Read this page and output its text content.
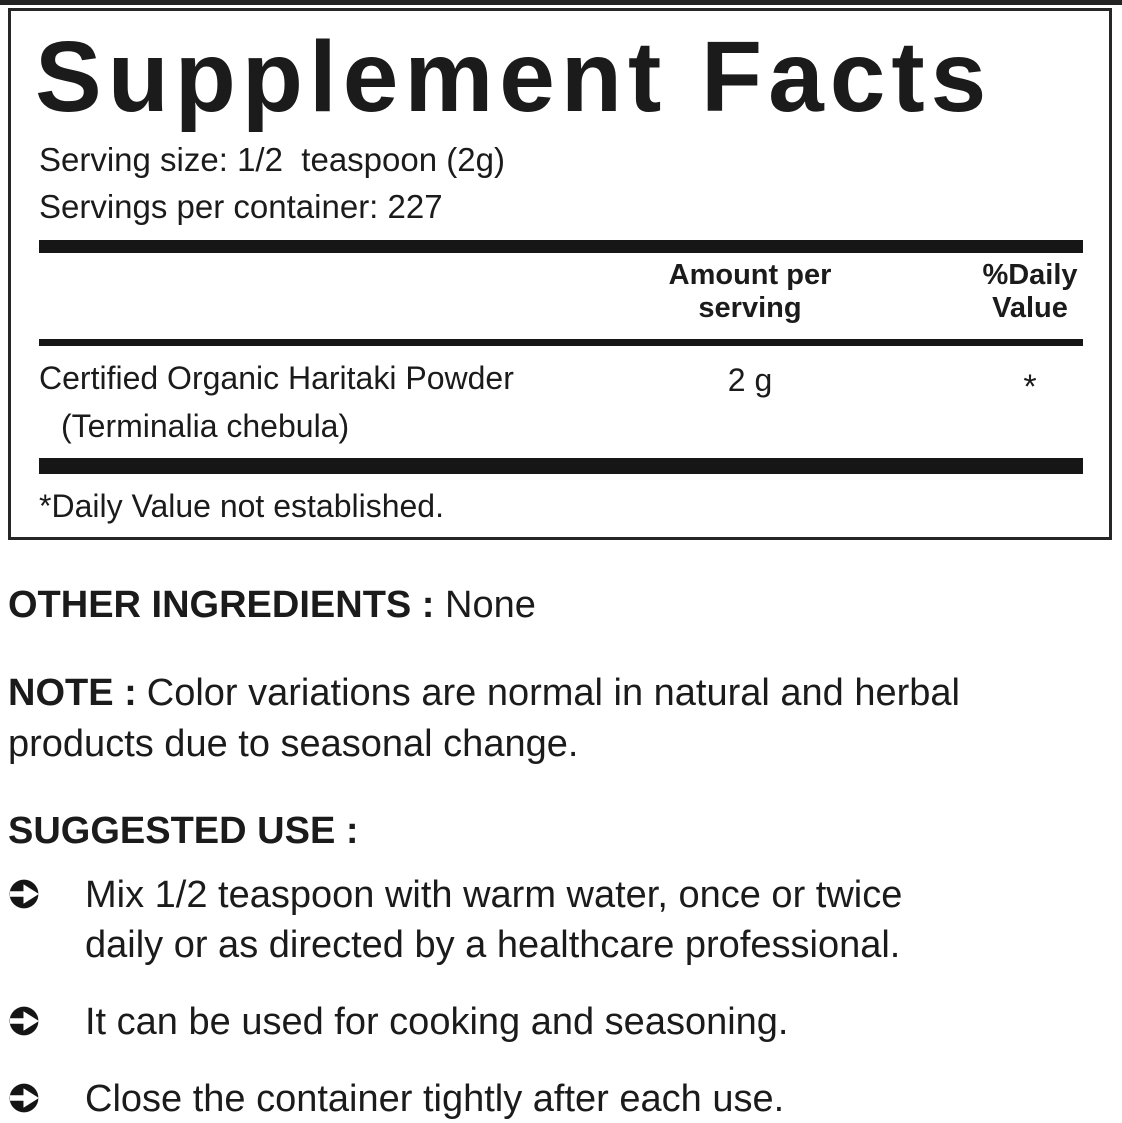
Supplement Facts
Serving size: 1/2  teaspoon (2g)
Servings per container: 227
Amount per
serving
%Daily
Value
Certified Organic Haritaki Powder
(Terminalia chebula)
2 g	*
*Daily Value not established.
OTHER INGREDIENTS : None
NOTE : Color variations are normal in natural and herbal products due to seasonal change.
SUGGESTED USE :
Mix 1/2 teaspoon with warm water, once or twice daily or as directed by a healthcare professional.
It can be used for cooking and seasoning.
Close the container tightly after each use.
